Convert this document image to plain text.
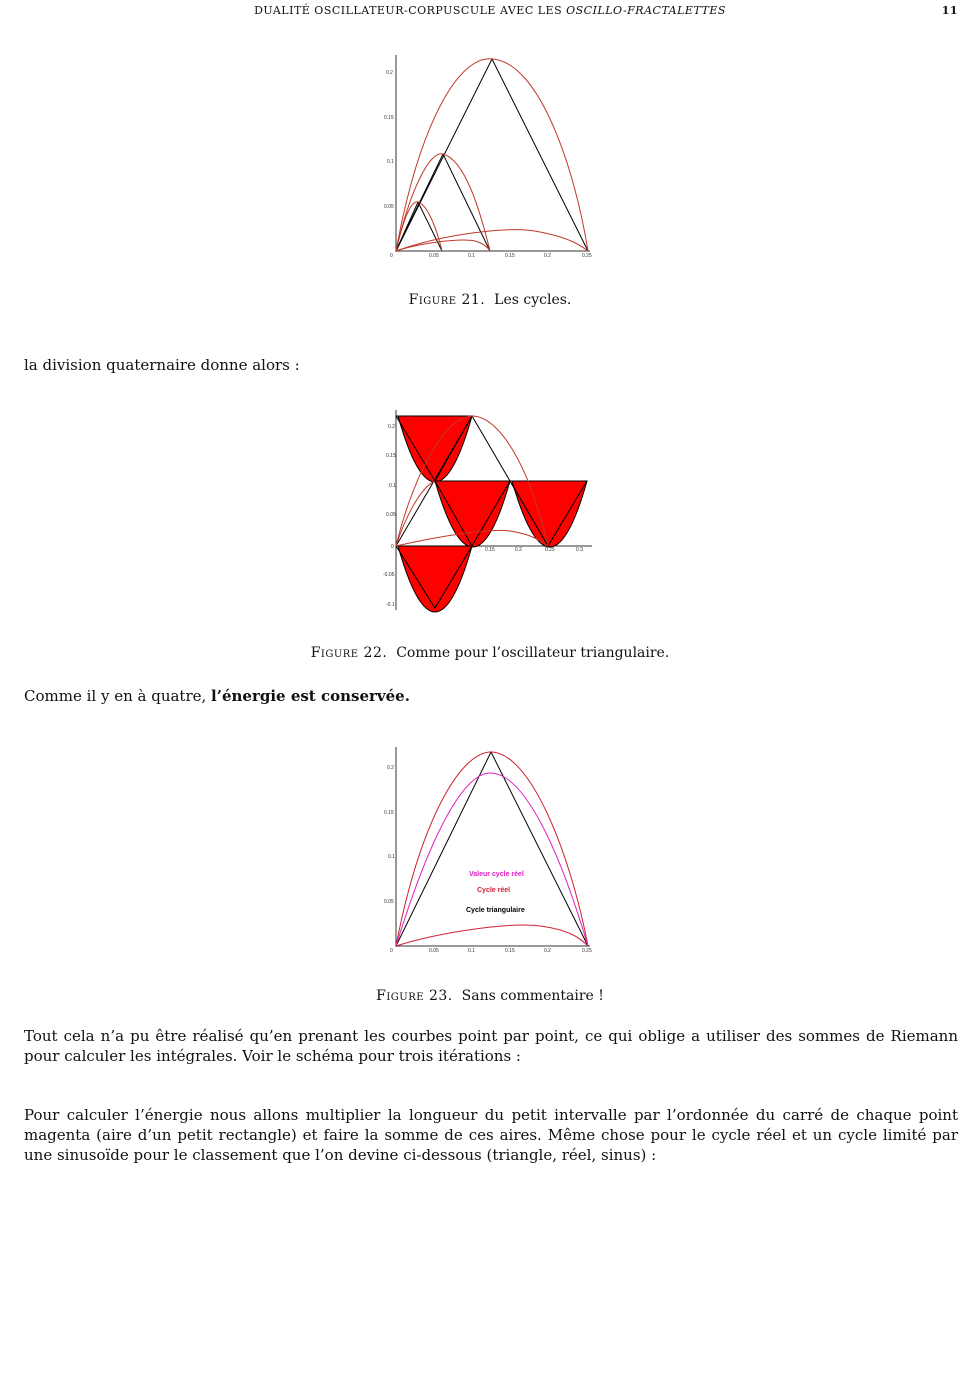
DUALITÉ OSCILLATEUR-CORPUSCULE AVEC LES OSCILLO-FRACTALETTES	11
0.2
0.15
0.1
0.05
0	0.05	0.1	0.15	0.2	0.25
Figure 21. Les cycles.
la division quaternaire donne alors :
0.2
0.15
0.1
0.05
0
-0.05
-0.1
0.15	0.2	0.25	0.3
Figure 22. Comme pour l’oscillateur triangulaire.
Comme il y en à quatre, l’énergie est conservée.
0.2
0.15
0.1
0.05
0	0.05	0.1	0.15	0.2	0.25
Valeur cycle réel
Cycle réel
Cycle triangulaire
Figure 23. Sans commentaire !
Tout cela n’a pu être réalisé qu’en prenant les courbes point par point, ce qui oblige a utiliser des sommes de Riemann pour calculer les intégrales. Voir le schéma pour trois itérations :
Pour calculer l’énergie nous allons multiplier la longueur du petit intervalle par l’ordonnée du carré de chaque point magenta (aire d’un petit rectangle) et faire la somme de ces aires. Même chose pour le cycle réel et un cycle limité par une sinusoïde pour le classement que l’on devine ci-dessous (triangle, réel, sinus) :
